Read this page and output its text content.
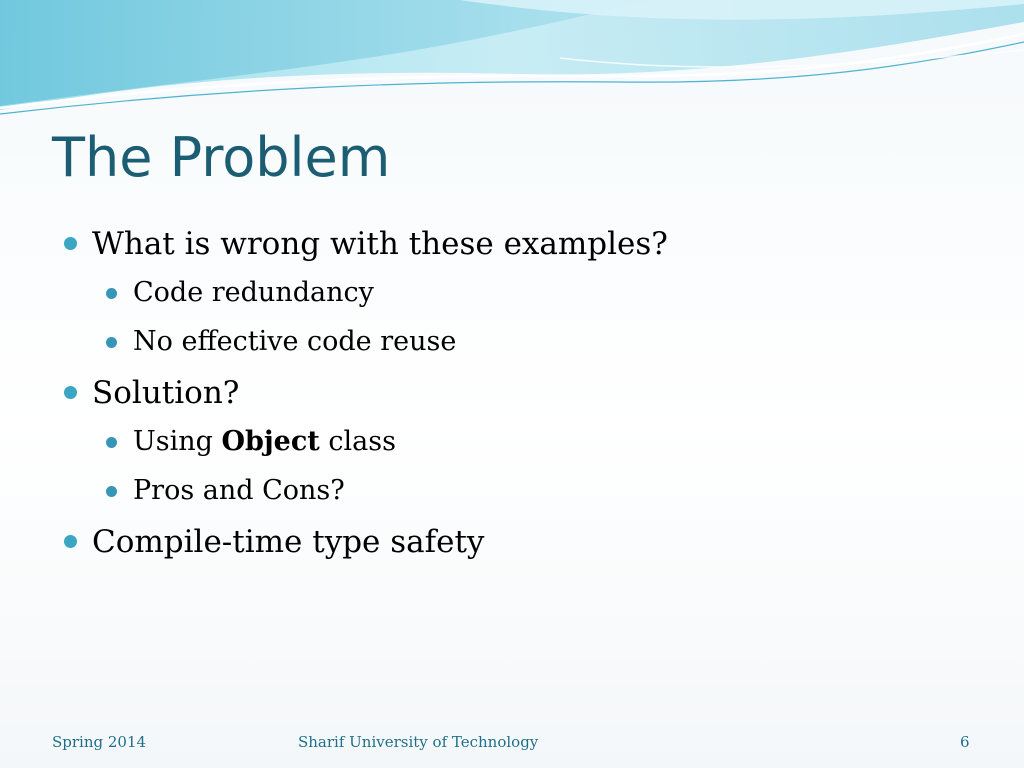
The Problem
What is wrong with these examples?
Code redundancy
No effective code reuse
Solution?
Using Object class
Pros and Cons?
Compile-time type safety
Spring 2014	Sharif University of Technology	6
